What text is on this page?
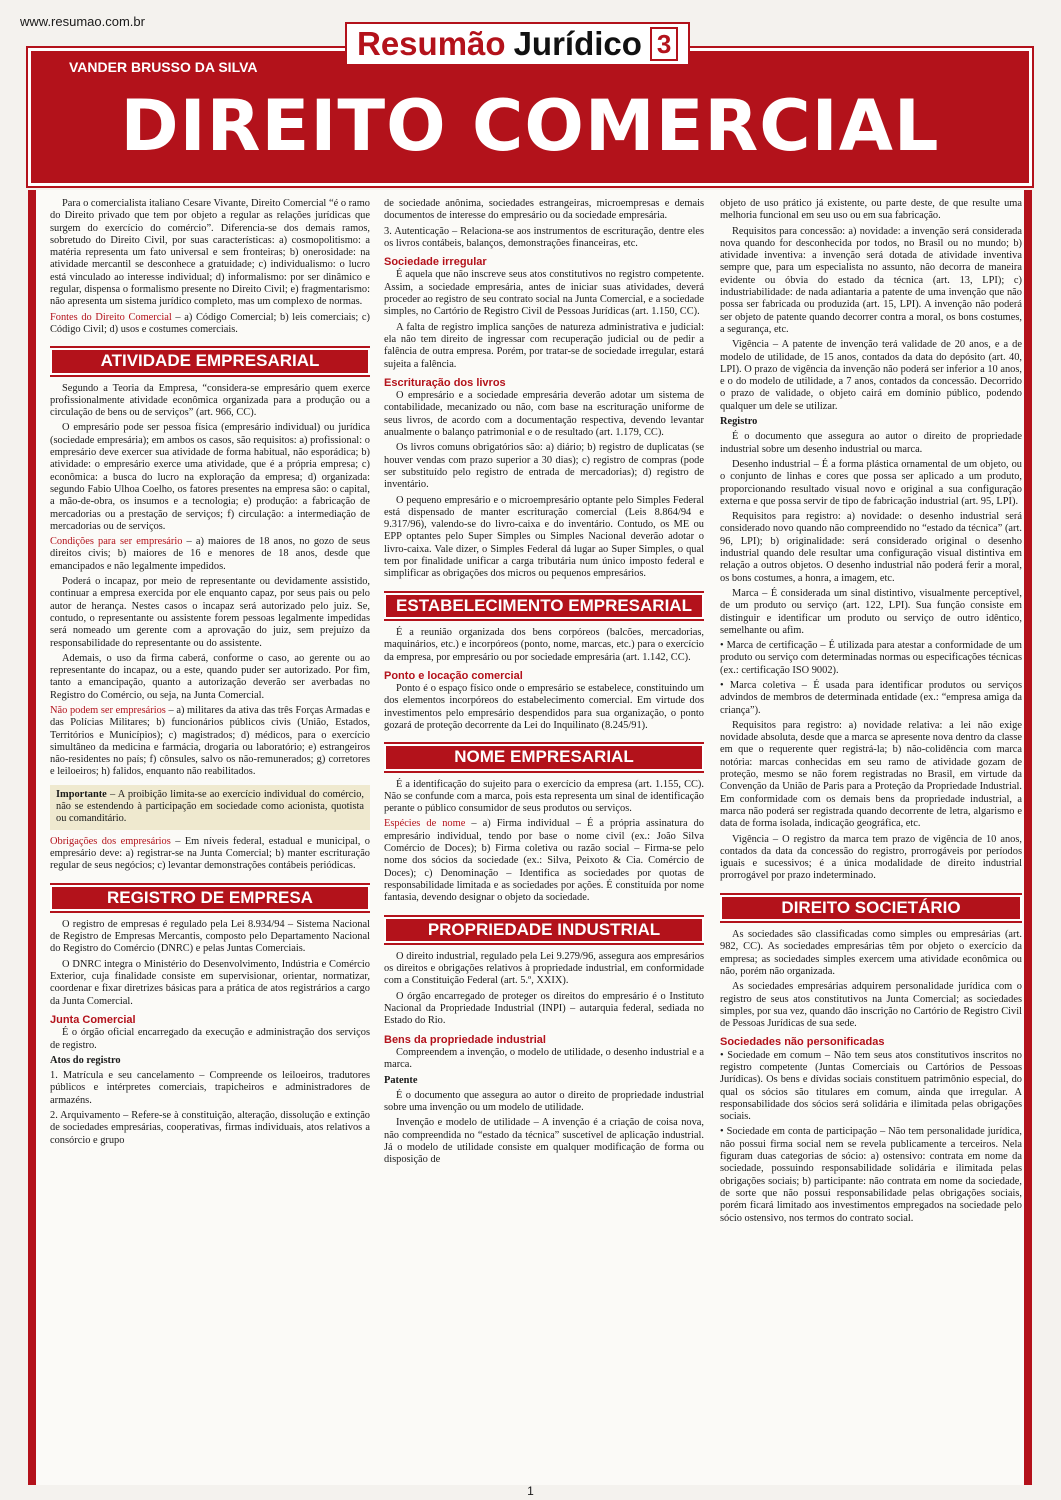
www.resumao.com.br
VANDER BRUSSO DA SILVA
DIREITO COMERCIAL
Resumão Jurídico 3

Para o comercialista italiano Cesare Vivante, Direito Comercial “é o ramo do Direito privado que tem por objeto a regular as relações jurídicas que surgem do exercício do comércio”. Diferencia-se dos demais ramos, sobretudo do Direito Civil, por suas características: a) cosmopolitismo: a matéria representa um fato universal e sem fronteiras; b) onerosidade: na atividade mercantil se desconhece a gratuidade; c) individualismo: o lucro está vinculado ao interesse individual; d) informalismo: por ser dinâmico e regular, dispensa o formalismo presente no Direito Civil; e) fragmentarismo: não apresenta um sistema jurídico completo, mas um complexo de normas.

Fontes do Direito Comercial – a) Código Comercial; b) leis comerciais; c) Código Civil; d) usos e costumes comerciais.

ATIVIDADE EMPRESARIAL

Segundo a Teoria da Empresa, “considera-se empresário quem exerce profissionalmente atividade econômica organizada para a produção ou a circulação de bens ou de serviços” (art. 966, CC).

O empresário pode ser pessoa física (empresário individual) ou jurídica (sociedade empresária); em ambos os casos, são requisitos: a) profissional: o empresário deve exercer sua atividade de forma habitual, não esporádica; b) atividade: o empresário exerce uma atividade, que é a própria empresa; c) econômica: a busca do lucro na exploração da empresa; d) organizada: segundo Fabio Ulhoa Coelho, os fatores presentes na empresa são: o capital, a mão-de-obra, os insumos e a tecnologia; e) produção: a fabricação de mercadorias ou a prestação de serviços; f) circulação: a intermediação de mercadorias ou de serviços.

Condições para ser empresário – a) maiores de 18 anos, no gozo de seus direitos civis; b) maiores de 16 e menores de 18 anos, desde que emancipados e não legalmente impedidos.

Poderá o incapaz, por meio de representante ou devidamente assistido, continuar a empresa exercida por ele enquanto capaz, por seus pais ou pelo autor de herança. Nestes casos o incapaz será autorizado pelo juiz. Se, contudo, o representante ou assistente forem pessoas legalmente impedidas será nomeado um gerente com a aprovação do juiz, sem prejuízo da responsabilidade do representante ou do assistente.

Ademais, o uso da firma caberá, conforme o caso, ao gerente ou ao representante do incapaz, ou a este, quando puder ser autorizado. Por fim, tanto a emancipação, quanto a autorização deverão ser averbadas no Registro do Comércio, ou seja, na Junta Comercial.

Não podem ser empresários – a) militares da ativa das três Forças Armadas e das Polícias Militares; b) funcionários públicos civis (União, Estados, Territórios e Municípios); c) magistrados; d) médicos, para o exercício simultâneo da medicina e farmácia, drogaria ou laboratório; e) estrangeiros não-residentes no país; f) cônsules, salvo os não-remunerados; g) corretores e leiloeiros; h) falidos, enquanto não reabilitados.

Importante – A proibição limita-se ao exercício individual do comércio, não se estendendo à participação em sociedade como acionista, quotista ou comanditário.

Obrigações dos empresários – Em níveis federal, estadual e municipal, o empresário deve: a) registrar-se na Junta Comercial; b) manter escrituração regular de seus negócios; c) levantar demonstrações contábeis periódicas.

REGISTRO DE EMPRESA

O registro de empresas é regulado pela Lei 8.934/94 – Sistema Nacional de Registro de Empresas Mercantis, composto pelo Departamento Nacional do Registro do Comércio (DNRC) e pelas Juntas Comerciais.

O DNRC integra o Ministério do Desenvolvimento, Indústria e Comércio Exterior, cuja finalidade consiste em supervisionar, orientar, normatizar, coordenar e fixar diretrizes básicas para a prática de atos registrários a cargo da Junta Comercial.

Junta Comercial

É o órgão oficial encarregado da execução e administração dos serviços de registro.

Atos do registro

1. Matrícula e seu cancelamento – Compreende os leiloeiros, tradutores públicos e intérpretes comerciais, trapicheiros e administradores de armazéns.

2. Arquivamento – Refere-se à constituição, alteração, dissolução e extinção de sociedades empresárias, cooperativas, firmas individuais, atos relativos a consórcio e grupo

de sociedade anônima, sociedades estrangeiras, microempresas e demais documentos de interesse do empresário ou da sociedade empresária.

3. Autenticação – Relaciona-se aos instrumentos de escrituração, dentre eles os livros contábeis, balanços, demonstrações financeiras, etc.

Sociedade irregular

É aquela que não inscreve seus atos constitutivos no registro competente. Assim, a sociedade empresária, antes de iniciar suas atividades, deverá proceder ao registro de seu contrato social na Junta Comercial, e a sociedade simples, no Cartório de Registro Civil de Pessoas Jurídicas (art. 1.150, CC).

A falta de registro implica sanções de natureza administrativa e judicial: ela não tem direito de ingressar com recuperação judicial ou de pedir a falência de outra empresa. Porém, por tratar-se de sociedade irregular, estará sujeita a falência.

Escrituração dos livros

O empresário e a sociedade empresária deverão adotar um sistema de contabilidade, mecanizado ou não, com base na escrituração uniforme de seus livros, de acordo com a documentação respectiva, devendo levantar anualmente o balanço patrimonial e o de resultado (art. 1.179, CC).

Os livros comuns obrigatórios são: a) diário; b) registro de duplicatas (se houver vendas com prazo superior a 30 dias); c) registro de compras (pode ser substituído pelo registro de entrada de mercadorias); d) registro de inventário.

O pequeno empresário e o microempresário optante pelo Simples Federal está dispensado de manter escrituração comercial (Leis 8.864/94 e 9.317/96), valendo-se do livro-caixa e do inventário. Contudo, os ME ou EPP optantes pelo Super Simples ou Simples Nacional deverão adotar o livro-caixa. Vale dizer, o Simples Federal dá lugar ao Super Simples, o qual tem por finalidade unificar a carga tributária num único imposto federal e simplificar as obrigações dos micros ou pequenos empresários.

ESTABELECIMENTO EMPRESARIAL

É a reunião organizada dos bens corpóreos (balcões, mercadorias, maquinários, etc.) e incorpóreos (ponto, nome, marcas, etc.) para o exercício da empresa, por empresário ou por sociedade empresária (art. 1.142, CC).

Ponto e locação comercial

Ponto é o espaço físico onde o empresário se estabelece, constituindo um dos elementos incorpóreos do estabelecimento comercial. Em virtude dos investimentos pelo empresário despendidos para sua organização, o ponto gozará de proteção decorrente da Lei do Inquilinato (8.245/91).

NOME EMPRESARIAL

É a identificação do sujeito para o exercício da empresa (art. 1.155, CC). Não se confunde com a marca, pois esta representa um sinal de identificação perante o público consumidor de seus produtos ou serviços.

Espécies de nome – a) Firma individual – É a própria assinatura do empresário individual, tendo por base o nome civil (ex.: João Silva Comércio de Doces); b) Firma coletiva ou razão social – Firma-se pelo nome dos sócios da sociedade (ex.: Silva, Peixoto & Cia. Comércio de Doces); c) Denominação – Identifica as sociedades por quotas de responsabilidade limitada e as sociedades por ações. É constituída por nome fantasia, devendo designar o objeto da sociedade.

PROPRIEDADE INDUSTRIAL

O direito industrial, regulado pela Lei 9.279/96, assegura aos empresários os direitos e obrigações relativos à propriedade industrial, em conformidade com a Constituição Federal (art. 5.º, XXIX).

O órgão encarregado de proteger os direitos do empresário é o Instituto Nacional da Propriedade Industrial (INPI) – autarquia federal, sediada no Estado do Rio.

Bens da propriedade industrial

Compreendem a invenção, o modelo de utilidade, o desenho industrial e a marca.

Patente

É o documento que assegura ao autor o direito de propriedade industrial sobre uma invenção ou um modelo de utilidade.

Invenção e modelo de utilidade – A invenção é a criação de coisa nova, não compreendida no “estado da técnica” suscetível de aplicação industrial. Já o modelo de utilidade consiste em qualquer modificação de forma ou disposição de

objeto de uso prático já existente, ou parte deste, de que resulte uma melhoria funcional em seu uso ou em sua fabricação.

Requisitos para concessão: a) novidade: a invenção será considerada nova quando for desconhecida por todos, no Brasil ou no mundo; b) atividade inventiva: a invenção será dotada de atividade inventiva sempre que, para um especialista no assunto, não decorra de maneira evidente ou óbvia do estado da técnica (art. 13, LPI); c) industriabilidade: de nada adiantaria a patente de uma invenção que não possa ser fabricada ou produzida (art. 15, LPI). A invenção não poderá ser objeto de patente quando decorrer contra a moral, os bons costumes, a segurança, etc.

Vigência – A patente de invenção terá validade de 20 anos, e a de modelo de utilidade, de 15 anos, contados da data do depósito (art. 40, LPI). O prazo de vigência da invenção não poderá ser inferior a 10 anos, e o do modelo de utilidade, a 7 anos, contados da concessão. Decorrido o prazo de validade, o objeto cairá em domínio público, podendo qualquer um dele se utilizar.

Registro

É o documento que assegura ao autor o direito de propriedade industrial sobre um desenho industrial ou marca.

Desenho industrial – É a forma plástica ornamental de um objeto, ou o conjunto de linhas e cores que possa ser aplicado a um produto, proporcionando resultado visual novo e original a sua configuração externa e que possa servir de tipo de fabricação industrial (art. 95, LPI).

Requisitos para registro: a) novidade: o desenho industrial será considerado novo quando não compreendido no “estado da técnica” (art. 96, LPI); b) originalidade: será considerado original o desenho industrial quando dele resultar uma configuração visual distintiva em relação a outros objetos. O desenho industrial não poderá ferir a moral, os bons costumes, a honra, a imagem, etc.

Marca – É considerada um sinal distintivo, visualmente perceptível, de um produto ou serviço (art. 122, LPI). Sua função consiste em distinguir e identificar um produto ou serviço de outro idêntico, semelhante ou afim.

• Marca de certificação – É utilizada para atestar a conformidade de um produto ou serviço com determinadas normas ou especificações técnicas (ex.: certificação ISO 9002).

• Marca coletiva – É usada para identificar produtos ou serviços advindos de membros de determinada entidade (ex.: “empresa amiga da criança”).

Requisitos para registro: a) novidade relativa: a lei não exige novidade absoluta, desde que a marca se apresente nova dentro da classe em que o requerente quer registrá-la; b) não-colidência com marca notória: marcas conhecidas em seu ramo de atividade gozam de proteção, mesmo se não forem registradas no Brasil, em virtude da Convenção da União de Paris para a Proteção da Propriedade Industrial. Em conformidade com os demais bens da propriedade industrial, a marca não poderá ser registrada quando decorrente de letra, algarismo e data de forma isolada, indicação geográfica, etc.

Vigência – O registro da marca tem prazo de vigência de 10 anos, contados da data da concessão do registro, prorrogáveis por períodos iguais e sucessivos; é a única modalidade de direito industrial prorrogável por prazo indeterminado.

DIREITO SOCIETÁRIO

As sociedades são classificadas como simples ou empresárias (art. 982, CC). As sociedades empresárias têm por objeto o exercício da empresa; as sociedades simples exercem uma atividade econômica ou não, porém não organizada.

As sociedades empresárias adquirem personalidade jurídica com o registro de seus atos constitutivos na Junta Comercial; as sociedades simples, por sua vez, quando dão inscrição no Cartório de Registro Civil de Pessoas Jurídicas de sua sede.

Sociedades não personificadas

• Sociedade em comum – Não tem seus atos constitutivos inscritos no registro competente (Juntas Comerciais ou Cartórios de Pessoas Jurídicas). Os bens e dívidas sociais constituem patrimônio especial, do qual os sócios são titulares em comum, ainda que irregular. A responsabilidade dos sócios será solidária e ilimitada pelas obrigações sociais.

• Sociedade em conta de participação – Não tem personalidade jurídica, não possui firma social nem se revela publicamente a terceiros. Nela figuram duas categorias de sócio: a) ostensivo: contrata em nome da sociedade, possuindo responsabilidade solidária e ilimitada pelas obrigações sociais; b) participante: não contrata em nome da sociedade, de sorte que não possui responsabilidade pelas obrigações sociais, porém ficará limitado aos investimentos empregados na sociedade pelo sócio ostensivo, nos termos do contrato social.

1
